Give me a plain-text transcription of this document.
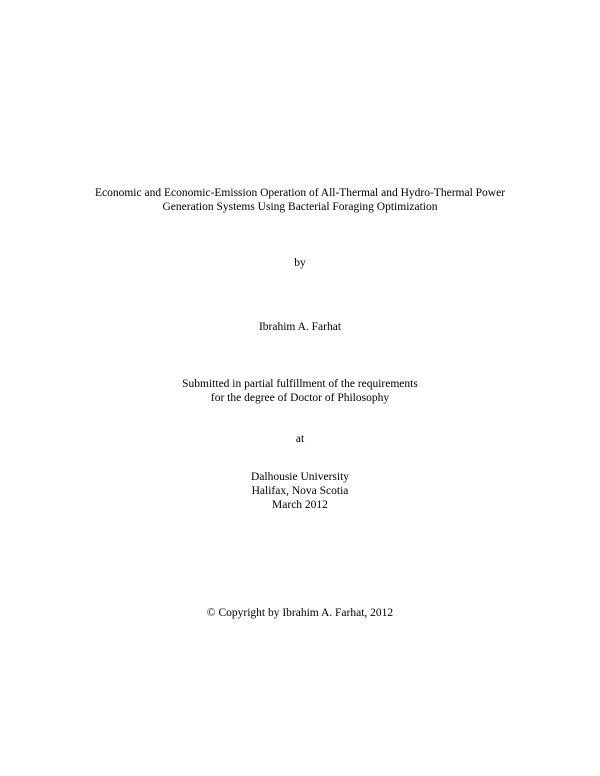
Economic and Economic-Emission Operation of All-Thermal and Hydro-Thermal Power
Generation Systems Using Bacterial Foraging Optimization
by
Ibrahim A. Farhat
Submitted in partial fulfillment of the requirements
for the degree of Doctor of Philosophy
at
Dalhousie University
Halifax, Nova Scotia
March 2012
© Copyright by Ibrahim A. Farhat, 2012
